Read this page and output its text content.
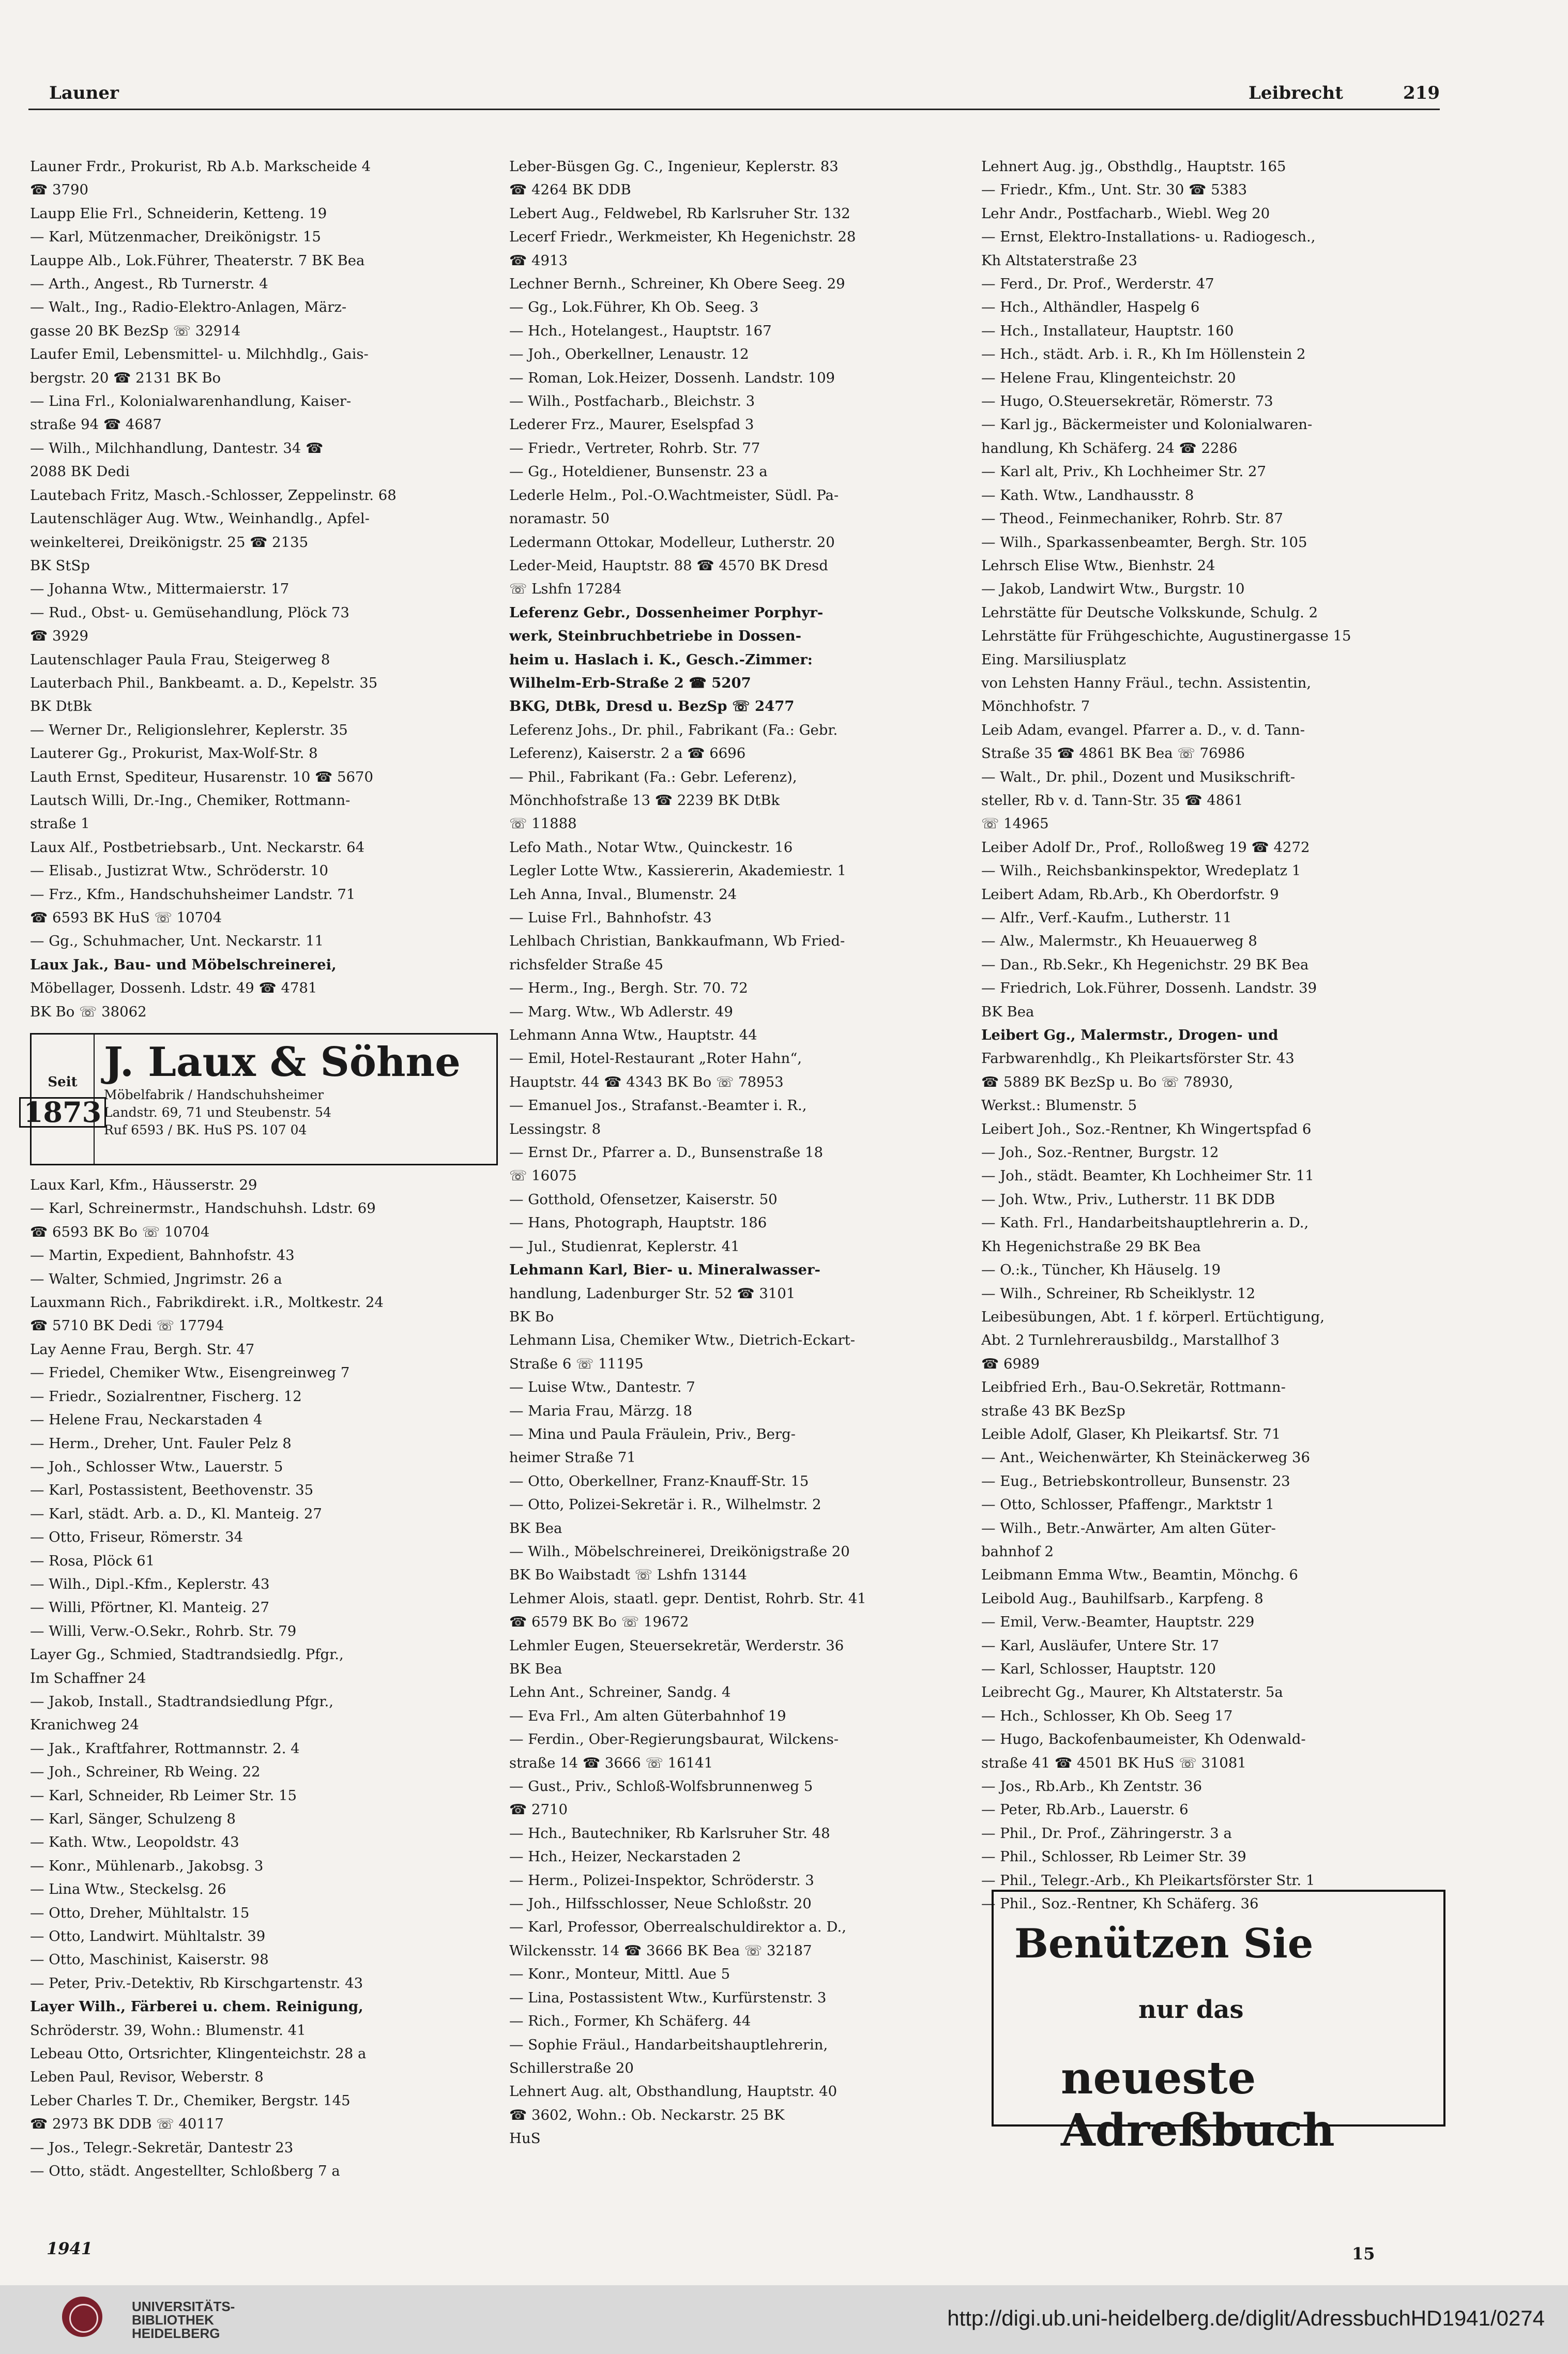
Launer	Leibrecht	219
Launer Frdr., Prokurist, Rb A.b. Markscheide 4
☎ 3790
Laupp Elie Frl., Schneiderin, Ketteng. 19
— Karl, Mützenmacher, Dreikönigstr. 15
Lauppe Alb., Lok.Führer, Theaterstr. 7 BK Bea
— Arth., Angest., Rb Turnerstr. 4
— Walt., Ing., Radio-Elektro-Anlagen, März-
gasse 20 BK BezSp ☏ 32914
Laufer Emil, Lebensmittel- u. Milchhdlg., Gais-
bergstr. 20 ☎ 2131 BK Bo
— Lina Frl., Kolonialwarenhandlung, Kaiser-
straße 94 ☎ 4687
— Wilh., Milchhandlung, Dantestr. 34 ☎
2088 BK Dedi
Lautebach Fritz, Masch.-Schlosser, Zeppelinstr. 68
Lautenschläger Aug. Wtw., Weinhandlg., Apfel-
weinkelterei, Dreikönigstr. 25 ☎ 2135
BK StSp
— Johanna Wtw., Mittermaierstr. 17
— Rud., Obst- u. Gemüsehandlung, Plöck 73
☎ 3929
Lautenschlager Paula Frau, Steigerweg 8
Lauterbach Phil., Bankbeamt. a. D., Kepelstr. 35
BK DtBk
— Werner Dr., Religionslehrer, Keplerstr. 35
Lauterer Gg., Prokurist, Max-Wolf-Str. 8
Lauth Ernst, Spediteur, Husarenstr. 10 ☎ 5670
Lautsch Willi, Dr.-Ing., Chemiker, Rottmann-
straße 1
Laux Alf., Postbetriebsarb., Unt. Neckarstr. 64
— Elisab., Justizrat Wtw., Schröderstr. 10
— Frz., Kfm., Handschuhsheimer Landstr. 71
☎ 6593 BK HuS ☏ 10704
— Gg., Schuhmacher, Unt. Neckarstr. 11
Laux Jak., Bau- und Möbelschreinerei,
Möbellager, Dossenh. Ldstr. 49 ☎ 4781
BK Bo ☏ 38062
Seit
1873
J. Laux & Söhne
Möbelfabrik / Handschuhsheimer
Landstr. 69, 71 und Steubenstr. 54
Ruf 6593 / BK. HuS PS. 107 04
Laux Karl, Kfm., Häusserstr. 29
— Karl, Schreinermstr., Handschuhsh. Ldstr. 69
☎ 6593 BK Bo ☏ 10704
— Martin, Expedient, Bahnhofstr. 43
— Walter, Schmied, Jngrimstr. 26 a
Lauxmann Rich., Fabrikdirekt. i.R., Moltkestr. 24
☎ 5710 BK Dedi ☏ 17794
Lay Aenne Frau, Bergh. Str. 47
— Friedel, Chemiker Wtw., Eisengreinweg 7
— Friedr., Sozialrentner, Fischerg. 12
— Helene Frau, Neckarstaden 4
— Herm., Dreher, Unt. Fauler Pelz 8
— Joh., Schlosser Wtw., Lauerstr. 5
— Karl, Postassistent, Beethovenstr. 35
— Karl, städt. Arb. a. D., Kl. Manteig. 27
— Otto, Friseur, Römerstr. 34
— Rosa, Plöck 61
— Wilh., Dipl.-Kfm., Keplerstr. 43
— Willi, Pförtner, Kl. Manteig. 27
— Willi, Verw.-O.Sekr., Rohrb. Str. 79
Layer Gg., Schmied, Stadtrandsiedlg. Pfgr.,
Im Schaffner 24
— Jakob, Install., Stadtrandsiedlung Pfgr.,
Kranichweg 24
— Jak., Kraftfahrer, Rottmannstr. 2. 4
— Joh., Schreiner, Rb Weing. 22
— Karl, Schneider, Rb Leimer Str. 15
— Karl, Sänger, Schulzeng 8
— Kath. Wtw., Leopoldstr. 43
— Konr., Mühlenarb., Jakobsg. 3
— Lina Wtw., Steckelsg. 26
— Otto, Dreher, Mühltalstr. 15
— Otto, Landwirt. Mühltalstr. 39
— Otto, Maschinist, Kaiserstr. 98
— Peter, Priv.-Detektiv, Rb Kirschgartenstr. 43
Layer Wilh., Färberei u. chem. Reinigung,
Schröderstr. 39, Wohn.: Blumenstr. 41
Lebeau Otto, Ortsrichter, Klingenteichstr. 28 a
Leben Paul, Revisor, Weberstr. 8
Leber Charles T. Dr., Chemiker, Bergstr. 145
☎ 2973 BK DDB ☏ 40117
— Jos., Telegr.-Sekretär, Dantestr 23
— Otto, städt. Angestellter, Schloßberg 7 a
Leber-Büsgen Gg. C., Ingenieur, Keplerstr. 83
☎ 4264 BK DDB
Lebert Aug., Feldwebel, Rb Karlsruher Str. 132
Lecerf Friedr., Werkmeister, Kh Hegenichstr. 28
☎ 4913
Lechner Bernh., Schreiner, Kh Obere Seeg. 29
— Gg., Lok.Führer, Kh Ob. Seeg. 3
— Hch., Hotelangest., Hauptstr. 167
— Joh., Oberkellner, Lenaustr. 12
— Roman, Lok.Heizer, Dossenh. Landstr. 109
— Wilh., Postfacharb., Bleichstr. 3
Lederer Frz., Maurer, Eselspfad 3
— Friedr., Vertreter, Rohrb. Str. 77
— Gg., Hoteldiener, Bunsenstr. 23 a
Lederle Helm., Pol.-O.Wachtmeister, Südl. Pa-
noramastr. 50
Ledermann Ottokar, Modelleur, Lutherstr. 20
Leder-Meid, Hauptstr. 88 ☎ 4570 BK Dresd
☏ Lshfn 17284
Leferenz Gebr., Dossenheimer Porphyr-
werk, Steinbruchbetriebe in Dossen-
heim u. Haslach i. K., Gesch.-Zimmer:
Wilhelm-Erb-Straße 2 ☎ 5207
BKG, DtBk, Dresd u. BezSp ☏ 2477
Leferenz Johs., Dr. phil., Fabrikant (Fa.: Gebr.
Leferenz), Kaiserstr. 2 a ☎ 6696
— Phil., Fabrikant (Fa.: Gebr. Leferenz),
Mönchhofstraße 13 ☎ 2239 BK DtBk
☏ 11888
Lefo Math., Notar Wtw., Quinckestr. 16
Legler Lotte Wtw., Kassiererin, Akademiestr. 1
Leh Anna, Inval., Blumenstr. 24
— Luise Frl., Bahnhofstr. 43
Lehlbach Christian, Bankkaufmann, Wb Fried-
richsfelder Straße 45
— Herm., Ing., Bergh. Str. 70. 72
— Marg. Wtw., Wb Adlerstr. 49
Lehmann Anna Wtw., Hauptstr. 44
— Emil, Hotel-Restaurant „Roter Hahn“,
Hauptstr. 44 ☎ 4343 BK Bo ☏ 78953
— Emanuel Jos., Strafanst.-Beamter i. R.,
Lessingstr. 8
— Ernst Dr., Pfarrer a. D., Bunsenstraße 18
☏ 16075
— Gotthold, Ofensetzer, Kaiserstr. 50
— Hans, Photograph, Hauptstr. 186
— Jul., Studienrat, Keplerstr. 41
Lehmann Karl, Bier- u. Mineralwasser-
handlung, Ladenburger Str. 52 ☎ 3101
BK Bo
Lehmann Lisa, Chemiker Wtw., Dietrich-Eckart-
Straße 6 ☏ 11195
— Luise Wtw., Dantestr. 7
— Maria Frau, Märzg. 18
— Mina und Paula Fräulein, Priv., Berg-
heimer Straße 71
— Otto, Oberkellner, Franz-Knauff-Str. 15
— Otto, Polizei-Sekretär i. R., Wilhelmstr. 2
BK Bea
— Wilh., Möbelschreinerei, Dreikönigstraße 20
BK Bo Waibstadt ☏ Lshfn 13144
Lehmer Alois, staatl. gepr. Dentist, Rohrb. Str. 41
☎ 6579 BK Bo ☏ 19672
Lehmler Eugen, Steuersekretär, Werderstr. 36
BK Bea
Lehn Ant., Schreiner, Sandg. 4
— Eva Frl., Am alten Güterbahnhof 19
— Ferdin., Ober-Regierungsbaurat, Wilckens-
straße 14 ☎ 3666 ☏ 16141
— Gust., Priv., Schloß-Wolfsbrunnenweg 5
☎ 2710
— Hch., Bautechniker, Rb Karlsruher Str. 48
— Hch., Heizer, Neckarstaden 2
— Herm., Polizei-Inspektor, Schröderstr. 3
— Joh., Hilfsschlosser, Neue Schloßstr. 20
— Karl, Professor, Oberrealschuldirektor a. D.,
Wilckensstr. 14 ☎ 3666 BK Bea ☏ 32187
— Konr., Monteur, Mittl. Aue 5
— Lina, Postassistent Wtw., Kurfürstenstr. 3
— Rich., Former, Kh Schäferg. 44
— Sophie Fräul., Handarbeitshauptlehrerin,
Schillerstraße 20
Lehnert Aug. alt, Obsthandlung, Hauptstr. 40
☎ 3602, Wohn.: Ob. Neckarstr. 25 BK
HuS
Lehnert Aug. jg., Obsthdlg., Hauptstr. 165
— Friedr., Kfm., Unt. Str. 30 ☎ 5383
Lehr Andr., Postfacharb., Wiebl. Weg 20
— Ernst, Elektro-Installations- u. Radiogesch.,
Kh Altstaterstraße 23
— Ferd., Dr. Prof., Werderstr. 47
— Hch., Althändler, Haspelg 6
— Hch., Installateur, Hauptstr. 160
— Hch., städt. Arb. i. R., Kh Im Höllenstein 2
— Helene Frau, Klingenteichstr. 20
— Hugo, O.Steuersekretär, Römerstr. 73
— Karl jg., Bäckermeister und Kolonialwaren-
handlung, Kh Schäferg. 24 ☎ 2286
— Karl alt, Priv., Kh Lochheimer Str. 27
— Kath. Wtw., Landhausstr. 8
— Theod., Feinmechaniker, Rohrb. Str. 87
— Wilh., Sparkassenbeamter, Bergh. Str. 105
Lehrsch Elise Wtw., Bienhstr. 24
— Jakob, Landwirt Wtw., Burgstr. 10
Lehrstätte für Deutsche Volkskunde, Schulg. 2
Lehrstätte für Frühgeschichte, Augustinergasse 15
Eing. Marsiliusplatz
von Lehsten Hanny Fräul., techn. Assistentin,
Mönchhofstr. 7
Leib Adam, evangel. Pfarrer a. D., v. d. Tann-
Straße 35 ☎ 4861 BK Bea ☏ 76986
— Walt., Dr. phil., Dozent und Musikschrift-
steller, Rb v. d. Tann-Str. 35 ☎ 4861
☏ 14965
Leiber Adolf Dr., Prof., Rolloßweg 19 ☎ 4272
— Wilh., Reichsbankinspektor, Wredeplatz 1
Leibert Adam, Rb.Arb., Kh Oberdorfstr. 9
— Alfr., Verf.-Kaufm., Lutherstr. 11
— Alw., Malermstr., Kh Heuauerweg 8
— Dan., Rb.Sekr., Kh Hegenichstr. 29 BK Bea
— Friedrich, Lok.Führer, Dossenh. Landstr. 39
BK Bea
Leibert Gg., Malermstr., Drogen- und
Farbwarenhdlg., Kh Pleikartsförster Str. 43
☎ 5889 BK BezSp u. Bo ☏ 78930,
Werkst.: Blumenstr. 5
Leibert Joh., Soz.-Rentner, Kh Wingertspfad 6
— Joh., Soz.-Rentner, Burgstr. 12
— Joh., städt. Beamter, Kh Lochheimer Str. 11
— Joh. Wtw., Priv., Lutherstr. 11 BK DDB
— Kath. Frl., Handarbeitshauptlehrerin a. D.,
Kh Hegenichstraße 29 BK Bea
— O.:k., Tüncher, Kh Häuselg. 19
— Wilh., Schreiner, Rb Scheiklystr. 12
Leibesübungen, Abt. 1 f. körperl. Ertüchtigung,
Abt. 2 Turnlehrerausbildg., Marstallhof 3
☎ 6989
Leibfried Erh., Bau-O.Sekretär, Rottmann-
straße 43 BK BezSp
Leible Adolf, Glaser, Kh Pleikartsf. Str. 71
— Ant., Weichenwärter, Kh Steinäckerweg 36
— Eug., Betriebskontrolleur, Bunsenstr. 23
— Otto, Schlosser, Pfaffengr., Marktstr 1
— Wilh., Betr.-Anwärter, Am alten Güter-
bahnhof 2
Leibmann Emma Wtw., Beamtin, Mönchg. 6
Leibold Aug., Bauhilfsarb., Karpfeng. 8
— Emil, Verw.-Beamter, Hauptstr. 229
— Karl, Ausläufer, Untere Str. 17
— Karl, Schlosser, Hauptstr. 120
Leibrecht Gg., Maurer, Kh Altstaterstr. 5a
— Hch., Schlosser, Kh Ob. Seeg 17
— Hugo, Backofenbaumeister, Kh Odenwald-
straße 41 ☎ 4501 BK HuS ☏ 31081
— Jos., Rb.Arb., Kh Zentstr. 36
— Peter, Rb.Arb., Lauerstr. 6
— Phil., Dr. Prof., Zähringerstr. 3 a
— Phil., Schlosser, Rb Leimer Str. 39
— Phil., Telegr.-Arb., Kh Pleikartsförster Str. 1
— Phil., Soz.-Rentner, Kh Schäferg. 36
Benützen Sie
nur das
neueste Adreßbuch
1941	15
UNIVERSITÄTS-
BIBLIOTHEK
HEIDELBERG
http://digi.ub.uni-heidelberg.de/diglit/AdressbuchHD1941/0274
